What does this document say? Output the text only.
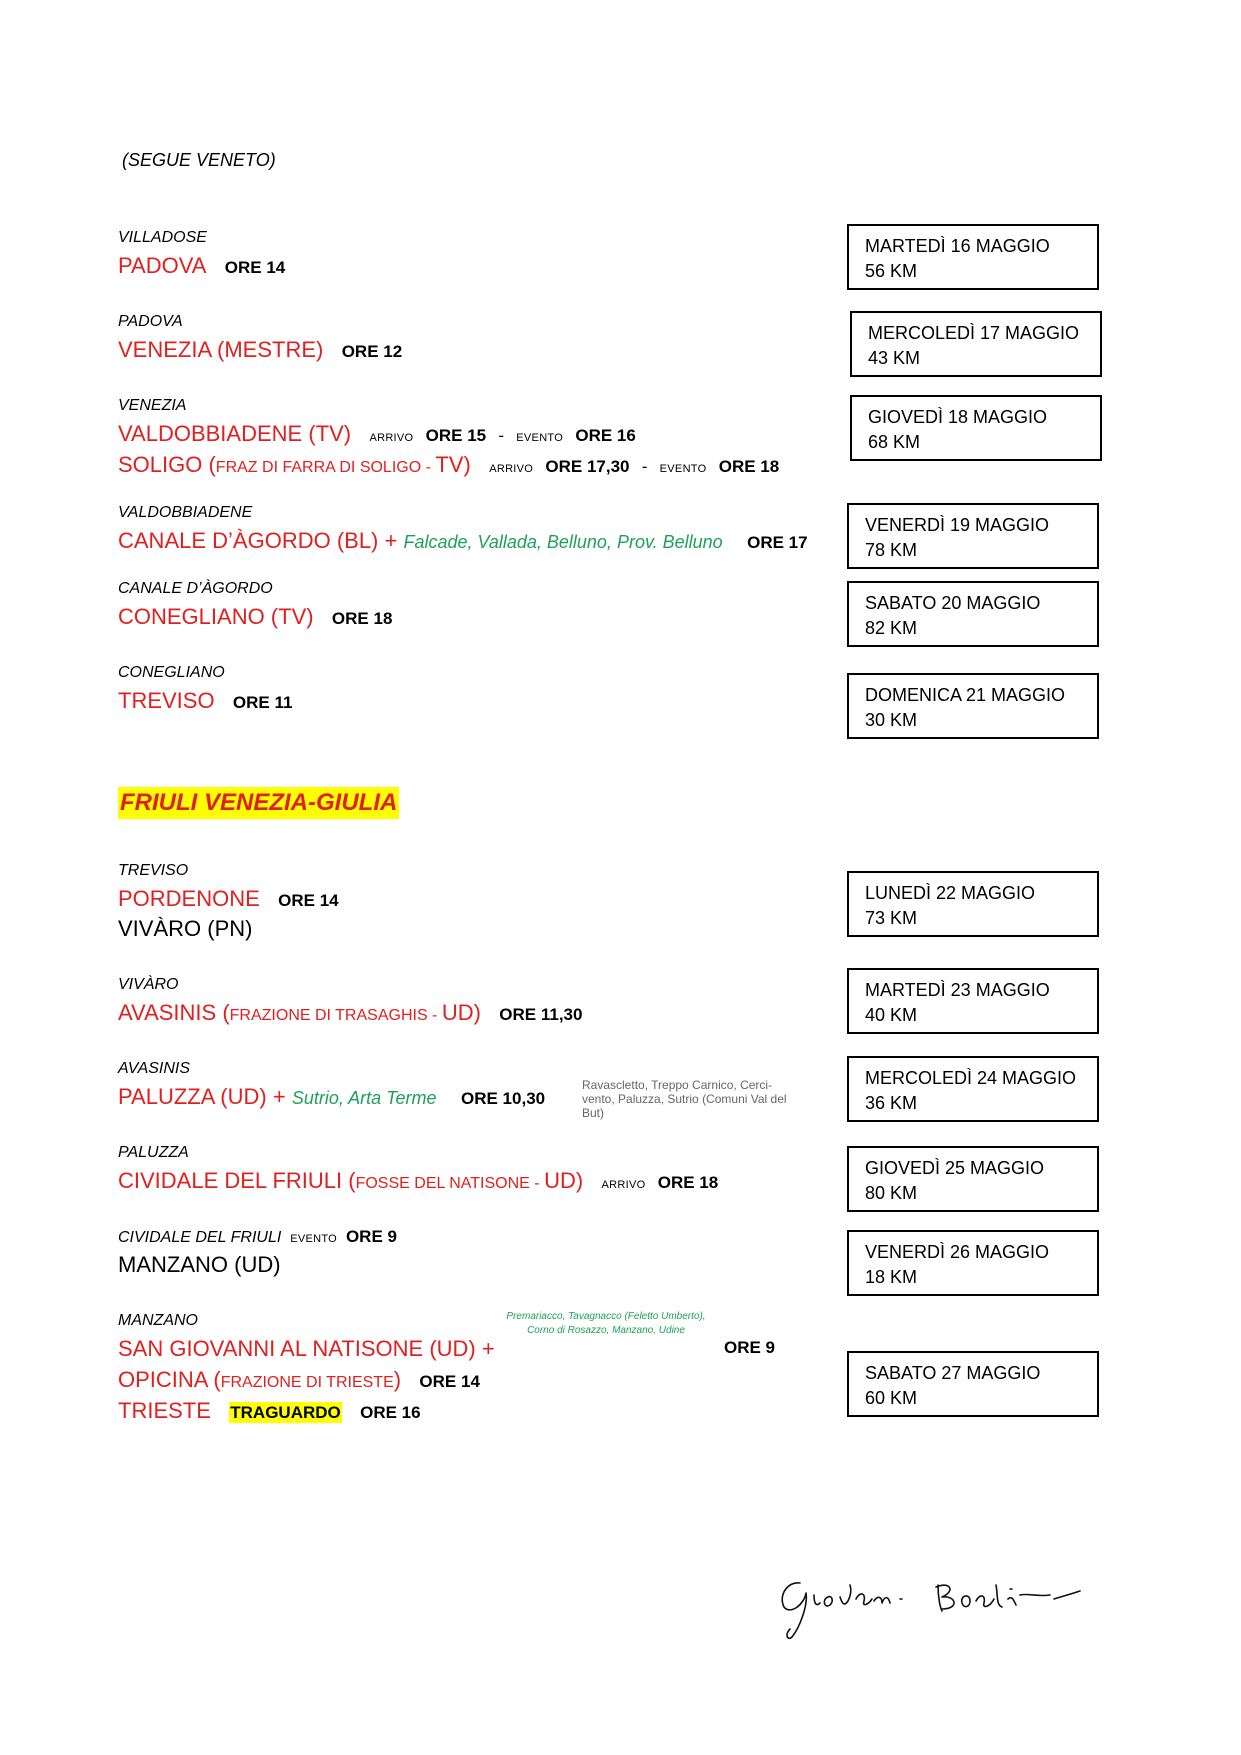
(SEGUE VENETO)
VILLADOSE
PADOVA ORE 14
PADOVA
VENEZIA (MESTRE) ORE 12
VENEZIA
VALDOBBIADENE (TV) ARRIVO ORE 15 - EVENTO ORE 16
SOLIGO (FRAZ DI FARRA DI SOLIGO - TV) ARRIVO ORE 17,30 - EVENTO ORE 18
VALDOBBIADENE
CANALE D’ÀGORDO (BL) + Falcade, Vallada, Belluno, Prov. Belluno ORE 17
CANALE D’ÀGORDO
CONEGLIANO (TV) ORE 18
CONEGLIANO
TREVISO ORE 11
FRIULI VENEZIA-GIULIA
TREVISO
PORDENONE ORE 14
VIVÀRO (PN)
VIVÀRO
AVASINIS (FRAZIONE DI TRASAGHIS - UD) ORE 11,30
AVASINIS
PALUZZA (UD) + Sutrio, Arta Terme ORE 10,30
Ravascletto, Treppo Carnico, Cerci-vento, Paluzza, Sutrio (Comuni Val del But)
PALUZZA
CIVIDALE DEL FRIULI (FOSSE DEL NATISONE - UD) ARRIVO ORE 18
CIVIDALE DEL FRIULI EVENTO ORE 9
MANZANO (UD)
MANZANO
SAN GIOVANNI AL NATISONE (UD) +
Premariacco, Tavagnacco (Feletto Umberto), Corno di Rosazzo, Manzano, Udine
ORE 9
OPICINA (FRAZIONE DI TRIESTE) ORE 14
TRIESTE TRAGUARDO ORE 16
MARTEDÌ 16 MAGGIO
56 KM
MERCOLEDÌ 17 MAGGIO
43 KM
GIOVEDÌ 18 MAGGIO
68 KM
VENERDÌ 19 MAGGIO
78 KM
SABATO 20 MAGGIO
82 KM
DOMENICA 21 MAGGIO
30 KM
LUNEDÌ 22 MAGGIO
73 KM
MARTEDÌ 23 MAGGIO
40 KM
MERCOLEDÌ 24 MAGGIO
36 KM
GIOVEDÌ 25 MAGGIO
80 KM
VENERDÌ 26 MAGGIO
18 KM
SABATO 27 MAGGIO
60 KM
